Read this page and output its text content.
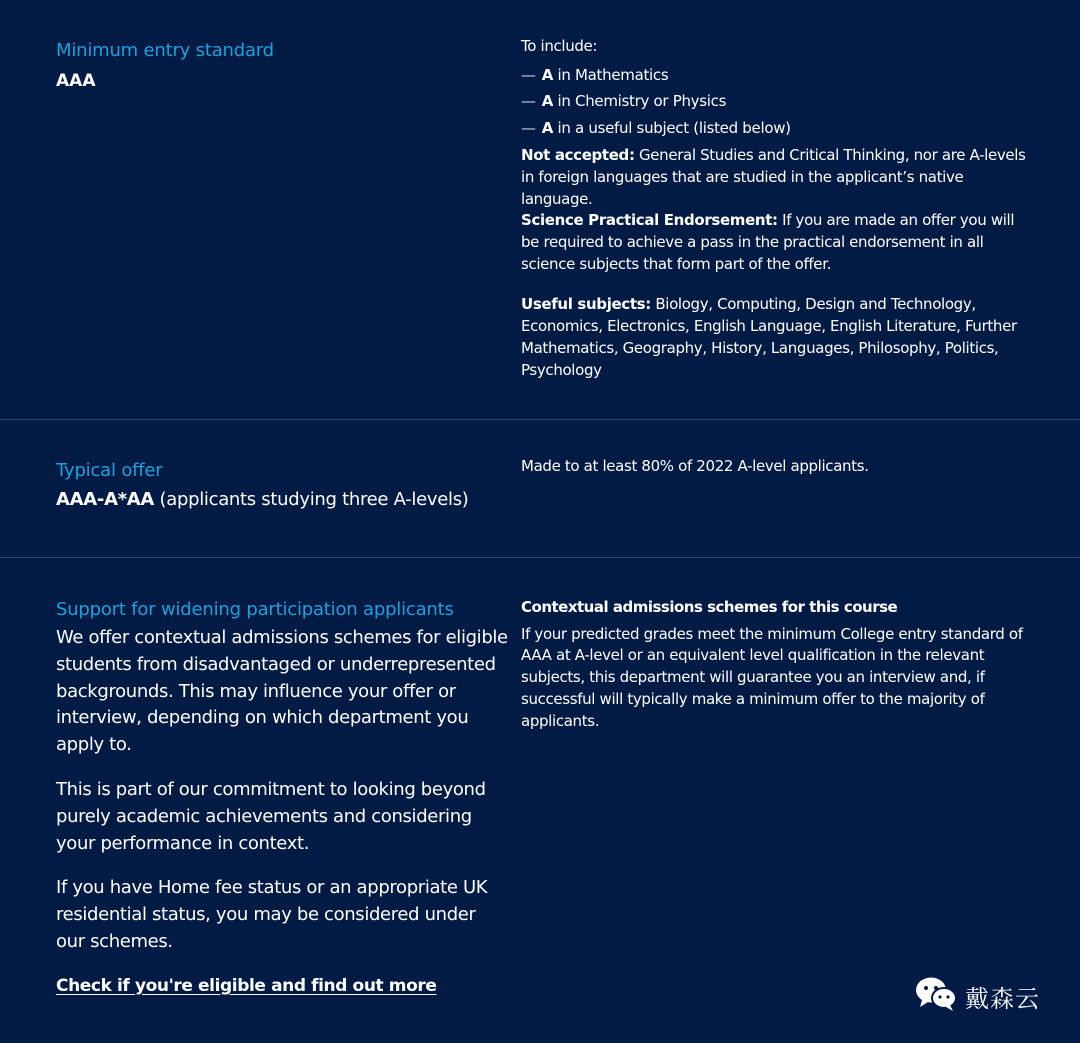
Minimum entry standard

AAA

To include:

— A in Mathematics
— A in Chemistry or Physics
— A in a useful subject (listed below)

Not accepted: General Studies and Critical Thinking, nor are A-levels in foreign languages that are studied in the applicant’s native language.

Science Practical Endorsement: If you are made an offer you will be required to achieve a pass in the practical endorsement in all science subjects that form part of the offer.

Useful subjects: Biology, Computing, Design and Technology, Economics, Electronics, English Language, English Literature, Further Mathematics, Geography, History, Languages, Philosophy, Politics, Psychology

Typical offer

AAA-A*AA (applicants studying three A-levels)

Made to at least 80% of 2022 A-level applicants.

Support for widening participation applicants

We offer contextual admissions schemes for eligible students from disadvantaged or underrepresented backgrounds. This may influence your offer or interview, depending on which department you apply to.

This is part of our commitment to looking beyond purely academic achievements and considering your performance in context.

If you have Home fee status or an appropriate UK residential status, you may be considered under our schemes.

Check if you're eligible and find out more

Contextual admissions schemes for this course

If your predicted grades meet the minimum College entry standard of AAA at A-level or an equivalent level qualification in the relevant subjects, this department will guarantee you an interview and, if successful will typically make a minimum offer to the majority of applicants.

戴森云
